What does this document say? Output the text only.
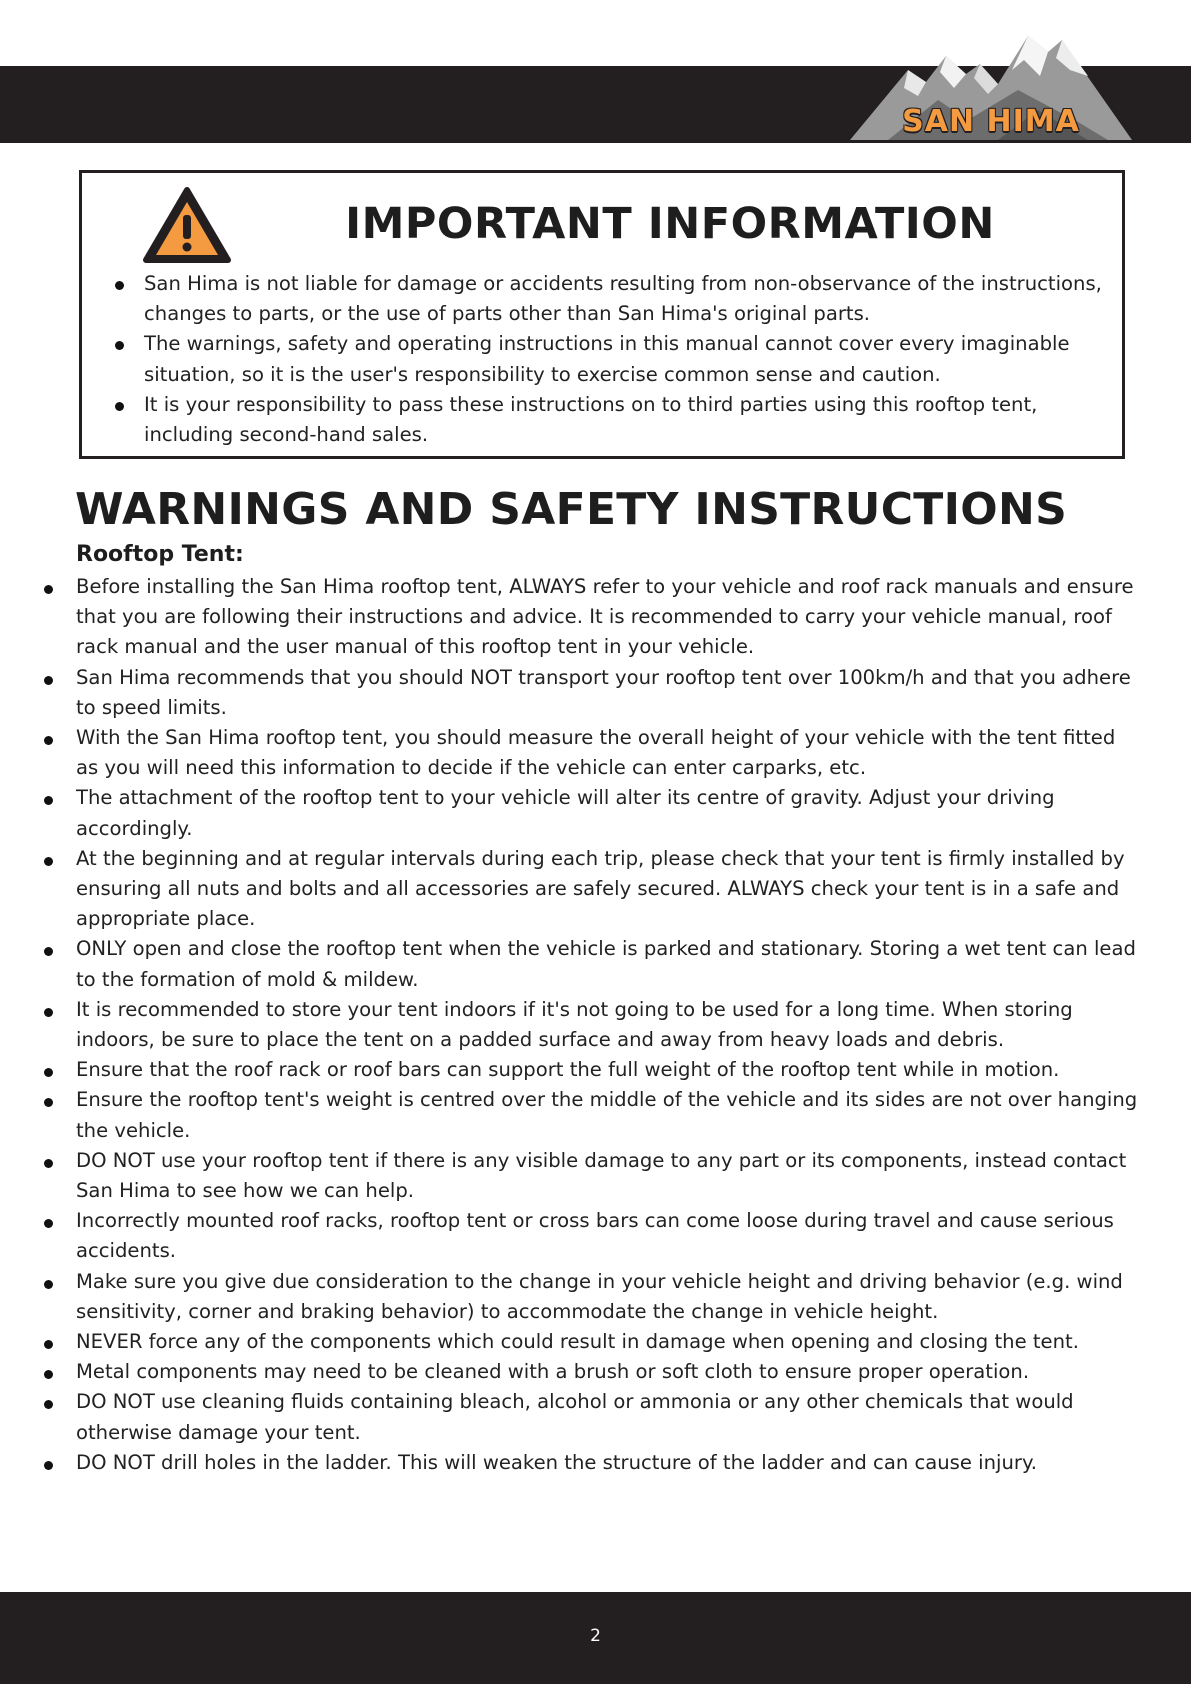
SAN HIMA
IMPORTANT INFORMATION
San Hima is not liable for damage or accidents resulting from non-observance of the instructions, changes to parts, or the use of parts other than San Hima's original parts.
The warnings, safety and operating instructions in this manual cannot cover every imaginable situation, so it is the user's responsibility to exercise common sense and caution.
It is your responsibility to pass these instructions on to third parties using this rooftop tent, including second-hand sales.
WARNINGS AND SAFETY INSTRUCTIONS
Rooftop Tent:
Before installing the San Hima rooftop tent, ALWAYS refer to your vehicle and roof rack manuals and ensure that you are following their instructions and advice. It is recommended to carry your vehicle manual, roof rack manual and the user manual of this rooftop tent in your vehicle.
San Hima recommends that you should NOT transport your rooftop tent over 100km/h and that you adhere to speed limits.
With the San Hima rooftop tent, you should measure the overall height of your vehicle with the tent fitted as you will need this information to decide if the vehicle can enter carparks, etc.
The attachment of the rooftop tent to your vehicle will alter its centre of gravity. Adjust your driving accordingly.
At the beginning and at regular intervals during each trip, please check that your tent is firmly installed by ensuring all nuts and bolts and all accessories are safely secured. ALWAYS check your tent is in a safe and appropriate place.
ONLY open and close the rooftop tent when the vehicle is parked and stationary. Storing a wet tent can lead to the formation of mold & mildew.
It is recommended to store your tent indoors if it's not going to be used for a long time. When storing indoors, be sure to place the tent on a padded surface and away from heavy loads and debris.
Ensure that the roof rack or roof bars can support the full weight of the rooftop tent while in motion.
Ensure the rooftop tent's weight is centred over the middle of the vehicle and its sides are not over hanging the vehicle.
DO NOT use your rooftop tent if there is any visible damage to any part or its components, instead contact San Hima to see how we can help.
Incorrectly mounted roof racks, rooftop tent or cross bars can come loose during travel and cause serious accidents.
Make sure you give due consideration to the change in your vehicle height and driving behavior (e.g. wind sensitivity, corner and braking behavior) to accommodate the change in vehicle height.
NEVER force any of the components which could result in damage when opening and closing the tent.
Metal components may need to be cleaned with a brush or soft cloth to ensure proper operation.
DO NOT use cleaning fluids containing bleach, alcohol or ammonia or any other chemicals that would otherwise damage your tent.
DO NOT drill holes in the ladder. This will weaken the structure of the ladder and can cause injury.
2
